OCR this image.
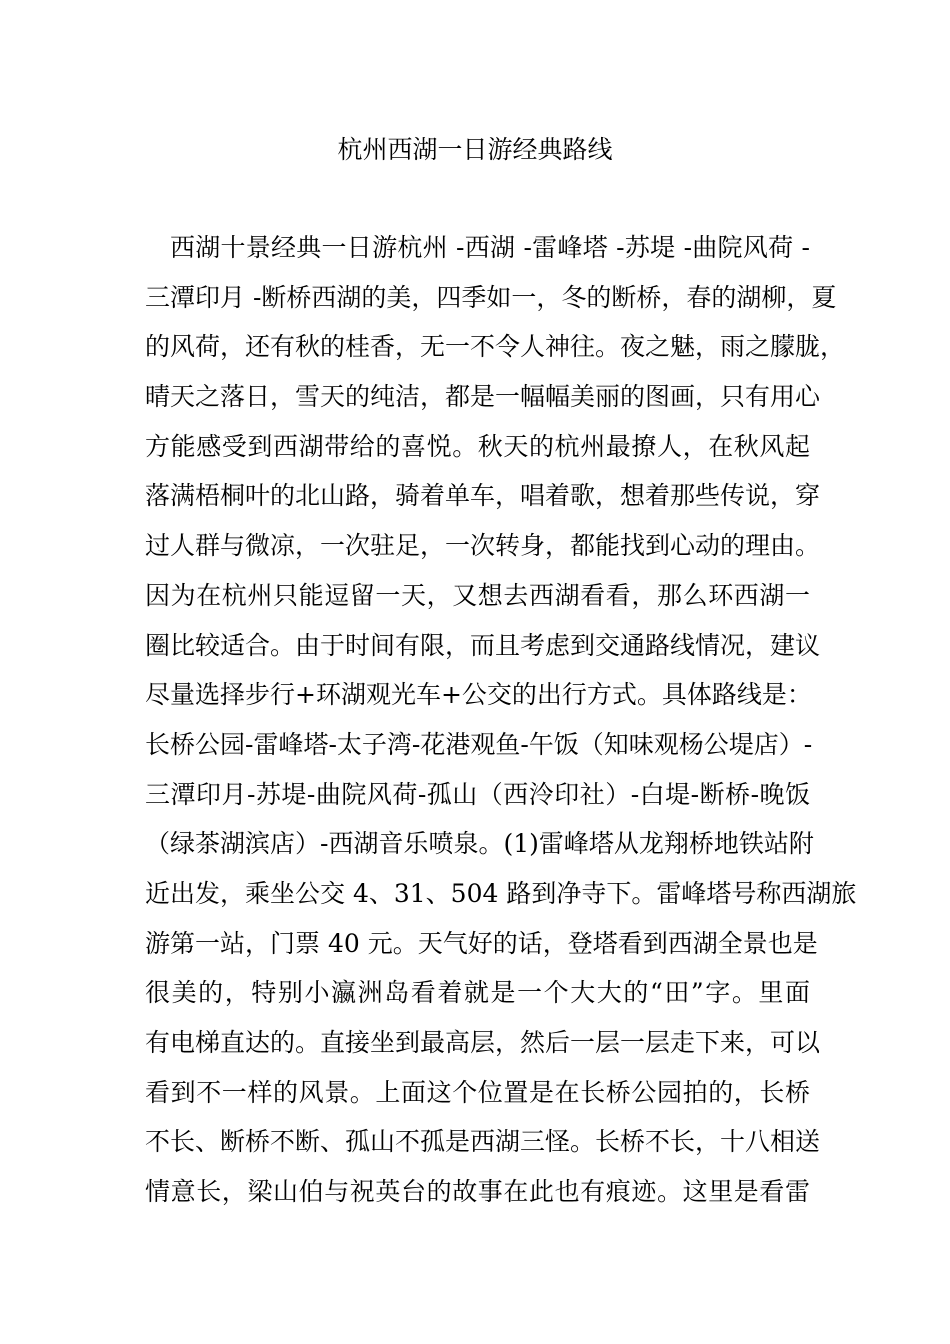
杭州西湖一日游经典路线
西湖十景经典一日游杭州 -西湖 -雷峰塔 -苏堤 -曲院风荷 -
三潭印月 -断桥西湖的美，四季如一，冬的断桥，春的湖柳，夏
的风荷，还有秋的桂香，无一不令人神往。夜之魅，雨之朦胧，
晴天之落日，雪天的纯洁，都是一幅幅美丽的图画，只有用心
方能感受到西湖带给的喜悦。秋天的杭州最撩人，在秋风起
落满梧桐叶的北山路，骑着单车，唱着歌，想着那些传说，穿
过人群与微凉，一次驻足，一次转身，都能找到心动的理由。
因为在杭州只能逗留一天，又想去西湖看看，那么环西湖一
圈比较适合。由于时间有限，而且考虑到交通路线情况，建议
尽量选择步行+环湖观光车+公交的出行方式。具体路线是：
长桥公园-雷峰塔-太子湾-花港观鱼-午饭（知味观杨公堤店）-
三潭印月-苏堤-曲院风荷-孤山（西泠印社）-白堤-断桥-晚饭
（绿茶湖滨店）-西湖音乐喷泉。(1)雷峰塔从龙翔桥地铁站附
近出发，乘坐公交 4、31、504 路到净寺下。雷峰塔号称西湖旅
游第一站，门票 40 元。天气好的话，登塔看到西湖全景也是
很美的，特别小瀛洲岛看着就是一个大大的“田”字。里面
有电梯直达的。直接坐到最高层，然后一层一层走下来，可以
看到不一样的风景。上面这个位置是在长桥公园拍的，长桥
不长、断桥不断、孤山不孤是西湖三怪。长桥不长，十八相送
情意长，梁山伯与祝英台的故事在此也有痕迹。这里是看雷
